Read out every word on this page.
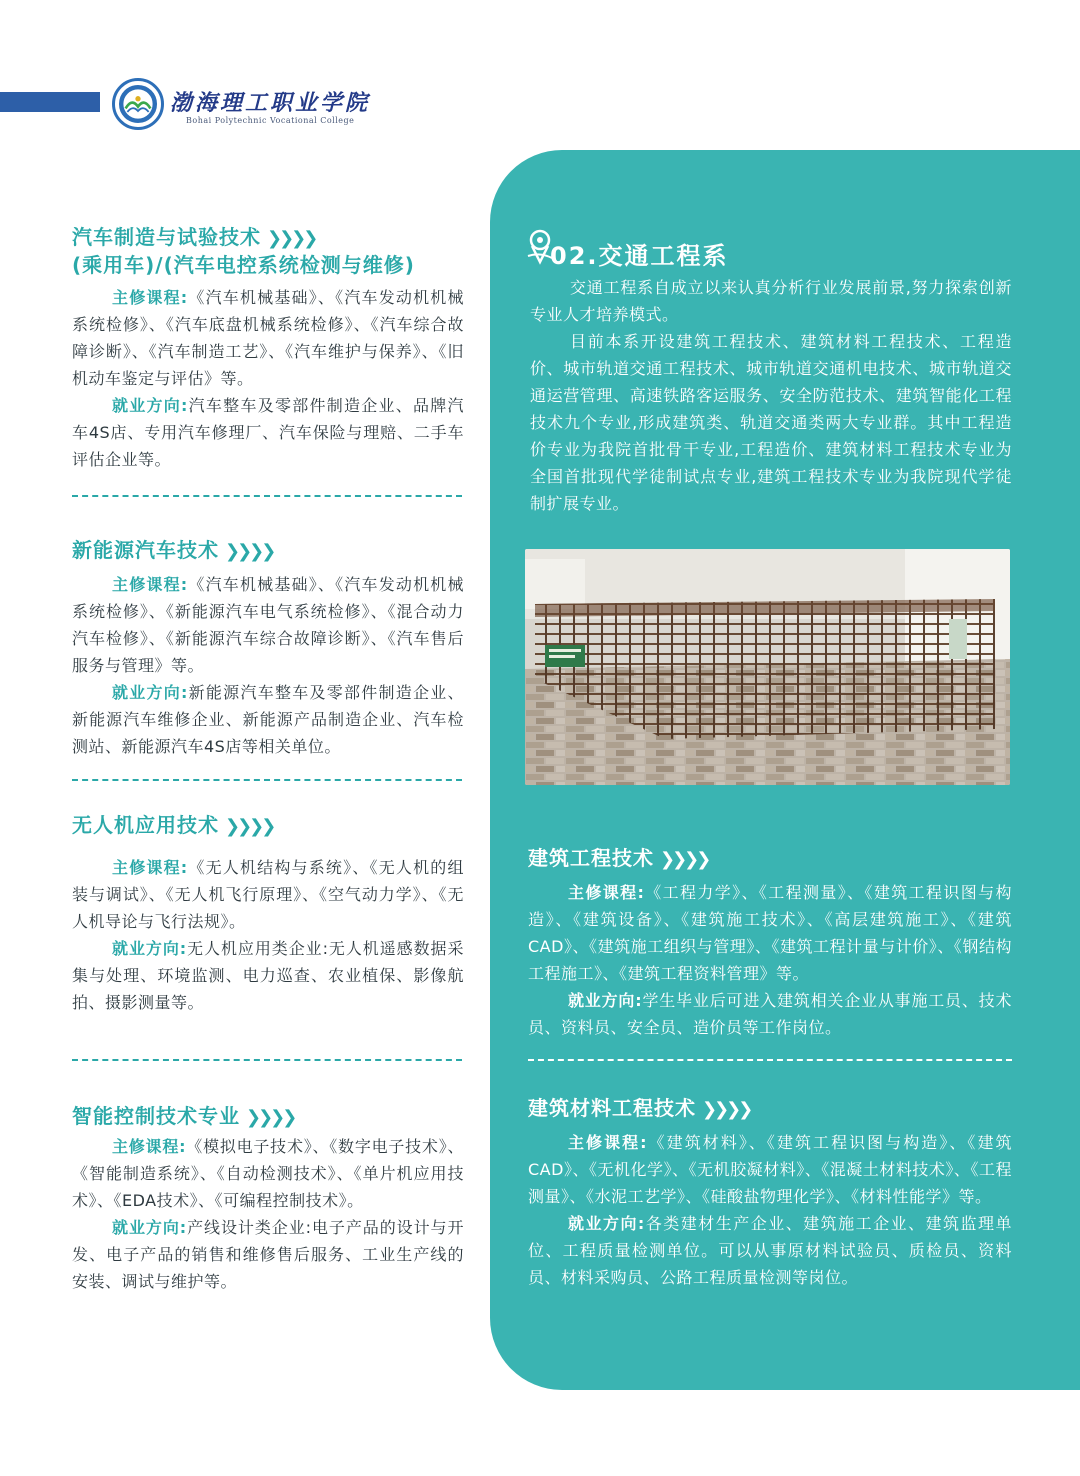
渤海理工职业学院
Bohai Polytechnic Vocational College
汽车制造与试验技术 ❯❯❯❯
(乘用车)/(汽车电控系统检测与维修)

主修课程:《汽车机械基础》、《汽车发动机机械系统检修》、《汽车底盘机械系统检修》、《汽车综合故障诊断》、《汽车制造工艺》、《汽车维护与保养》、《旧机动车鉴定与评估》等。

就业方向:汽车整车及零部件制造企业、品牌汽车4S店、专用汽车修理厂、汽车保险与理赔、二手车评估企业等。

新能源汽车技术 ❯❯❯❯

主修课程:《汽车机械基础》、《汽车发动机机械系统检修》、《新能源汽车电气系统检修》、《混合动力汽车检修》、《新能源汽车综合故障诊断》、《汽车售后服务与管理》等。

就业方向:新能源汽车整车及零部件制造企业、新能源汽车维修企业、新能源产品制造企业、汽车检测站、新能源汽车4S店等相关单位。

无人机应用技术 ❯❯❯❯

主修课程:《无人机结构与系统》、《无人机的组装与调试》、《无人机飞行原理》、《空气动力学》、《无人机导论与飞行法规》。

就业方向:无人机应用类企业:无人机遥感数据采集与处理、环境监测、电力巡查、农业植保、影像航拍、摄影测量等。

智能控制技术专业 ❯❯❯❯

主修课程:《模拟电子技术》、《数字电子技术》、《智能制造系统》、《自动检测技术》、《单片机应用技术》、《EDA技术》、《可编程控制技术》。

就业方向:产线设计类企业:电子产品的设计与开发、电子产品的销售和维修售后服务、工业生产线的安装、调试与维护等。

02.交通工程系

交通工程系自成立以来认真分析行业发展前景,努力探索创新专业人才培养模式。

目前本系开设建筑工程技术、建筑材料工程技术、工程造价、城市轨道交通工程技术、城市轨道交通机电技术、城市轨道交通运营管理、高速铁路客运服务、安全防范技术、建筑智能化工程技术九个专业,形成建筑类、轨道交通类两大专业群。其中工程造价专业为我院首批骨干专业,工程造价、建筑材料工程技术专业为全国首批现代学徒制试点专业,建筑工程技术专业为我院现代学徒制扩展专业。

建筑工程技术 ❯❯❯❯

主修课程:《工程力学》、《工程测量》、《建筑工程识图与构造》、《建筑设备》、《建筑施工技术》、《高层建筑施工》、《建筑CAD》、《建筑施工组织与管理》、《建筑工程计量与计价》、《钢结构工程施工》、《建筑工程资料管理》等。

就业方向:学生毕业后可进入建筑相关企业从事施工员、技术员、资料员、安全员、造价员等工作岗位。

建筑材料工程技术 ❯❯❯❯

主修课程:《建筑材料》、《建筑工程识图与构造》、《建筑CAD》、《无机化学》、《无机胶凝材料》、《混凝土材料技术》、《工程测量》、《水泥工艺学》、《硅酸盐物理化学》、《材料性能学》等。

就业方向:各类建材生产企业、建筑施工企业、建筑监理单位、工程质量检测单位。可以从事原材料试验员、质检员、资料员、材料采购员、公路工程质量检测等岗位。
